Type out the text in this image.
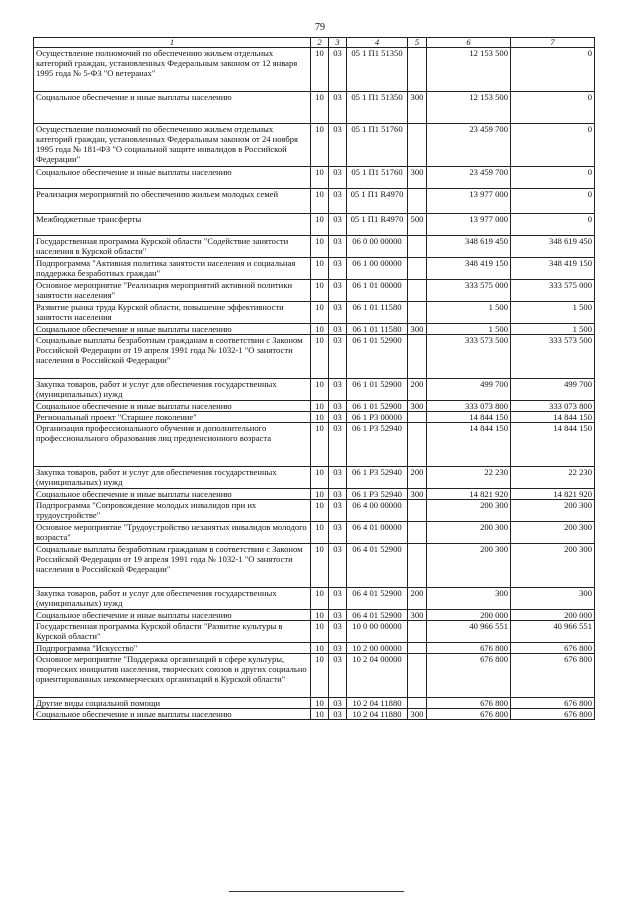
79
1	2	3	4	5	6	7
Осуществление полномочий по обеспечению жильем отдельных категорий граждан, установленных Федеральным законом от 12 января 1995 года № 5-ФЗ "О ветеранах"	10	03	05 1 П1 51350		12 153 500	0
Социальное обеспечение и иные выплаты населению	10	03	05 1 П1 51350	300	12 153 500	0
Осуществление полномочий по обеспечению жильем отдельных категорий граждан, установленных Федеральным законом от 24 ноября 1995 года № 181-ФЗ "О социальной защите инвалидов в Российской Федерации"	10	03	05 1 П1 51760		23 459 700	0
Социальное обеспечение и иные выплаты населению	10	03	05 1 П1 51760	300	23 459 700	0
Реализация мероприятий по обеспечению жильем молодых семей	10	03	05 1 П1 R4970		13 977 000	0
Межбюджетные трансферты	10	03	05 1 П1 R4970	500	13 977 000	0
Государственная программа Курской области "Содействие занятости населения в Курской области"	10	03	06 0 00 00000		348 619 450	348 619 450
Подпрограмма "Активная политика занятости населения и социальная поддержка безработных граждан"	10	03	06 1 00 00000		348 419 150	348 419 150
Основное мероприятие "Реализация мероприятий активной политики занятости населения"	10	03	06 1 01 00000		333 575 000	333 575 000
Развитие рынка труда Курской области, повышение эффективности занятости населения	10	03	06 1 01 11580		1 500	1 500
Социальное обеспечение и иные выплаты населению	10	03	06 1 01 11580	300	1 500	1 500
Социальные выплаты безработным гражданам в соответствии с Законом Российской Федерации от 19 апреля 1991 года № 1032-1 "О занятости населения в Российской Федерации"	10	03	06 1 01 52900		333 573 500	333 573 500
Закупка товаров, работ и услуг для обеспечения государственных (муниципальных) нужд	10	03	06 1 01 52900	200	499 700	499 700
Социальное обеспечение и иные выплаты населению	10	03	06 1 01 52900	300	333 073 800	333 073 800
Региональный проект "Старшее поколение"	10	03	06 1 P3 00000		14 844 150	14 844 150
Организация профессионального обучения и дополнительного профессионального образования лиц предпенсионного возраста	10	03	06 1 P3 52940		14 844 150	14 844 150
Закупка товаров, работ и услуг для обеспечения государственных (муниципальных) нужд	10	03	06 1 P3 52940	200	22 230	22 230
Социальное обеспечение и иные выплаты населению	10	03	06 1 P3 52940	300	14 821 920	14 821 920
Подпрограмма "Сопровождение молодых инвалидов при их трудоустройстве"	10	03	06 4 00 00000		200 300	200 300
Основное мероприятие "Трудоустройство незанятых инвалидов молодого возраста"	10	03	06 4 01 00000		200 300	200 300
Социальные выплаты безработным гражданам в соответствии с Законом Российской Федерации от 19 апреля 1991 года № 1032-1 "О занятости населения в Российской Федерации"	10	03	06 4 01 52900		200 300	200 300
Закупка товаров, работ и услуг для обеспечения государственных (муниципальных) нужд	10	03	06 4 01 52900	200	300	300
Социальное обеспечение и иные выплаты населению	10	03	06 4 01 52900	300	200 000	200 000
Государственная программа Курской области "Развитие культуры в Курской области"	10	03	10 0 00 00000		40 966 551	40 966 551
Подпрограмма "Искусство"	10	03	10 2 00 00000		676 800	676 800
Основное мероприятие "Поддержка организаций в сфере культуры, творческих инициатив населения, творческих союзов и других социально ориентированных некоммерческих организаций в Курской области"	10	03	10 2 04 00000		676 800	676 800
Другие виды социальной помощи	10	03	10 2 04 11880		676 800	676 800
Социальное обеспечение и иные выплаты населению	10	03	10 2 04 11880	300	676 800	676 800
